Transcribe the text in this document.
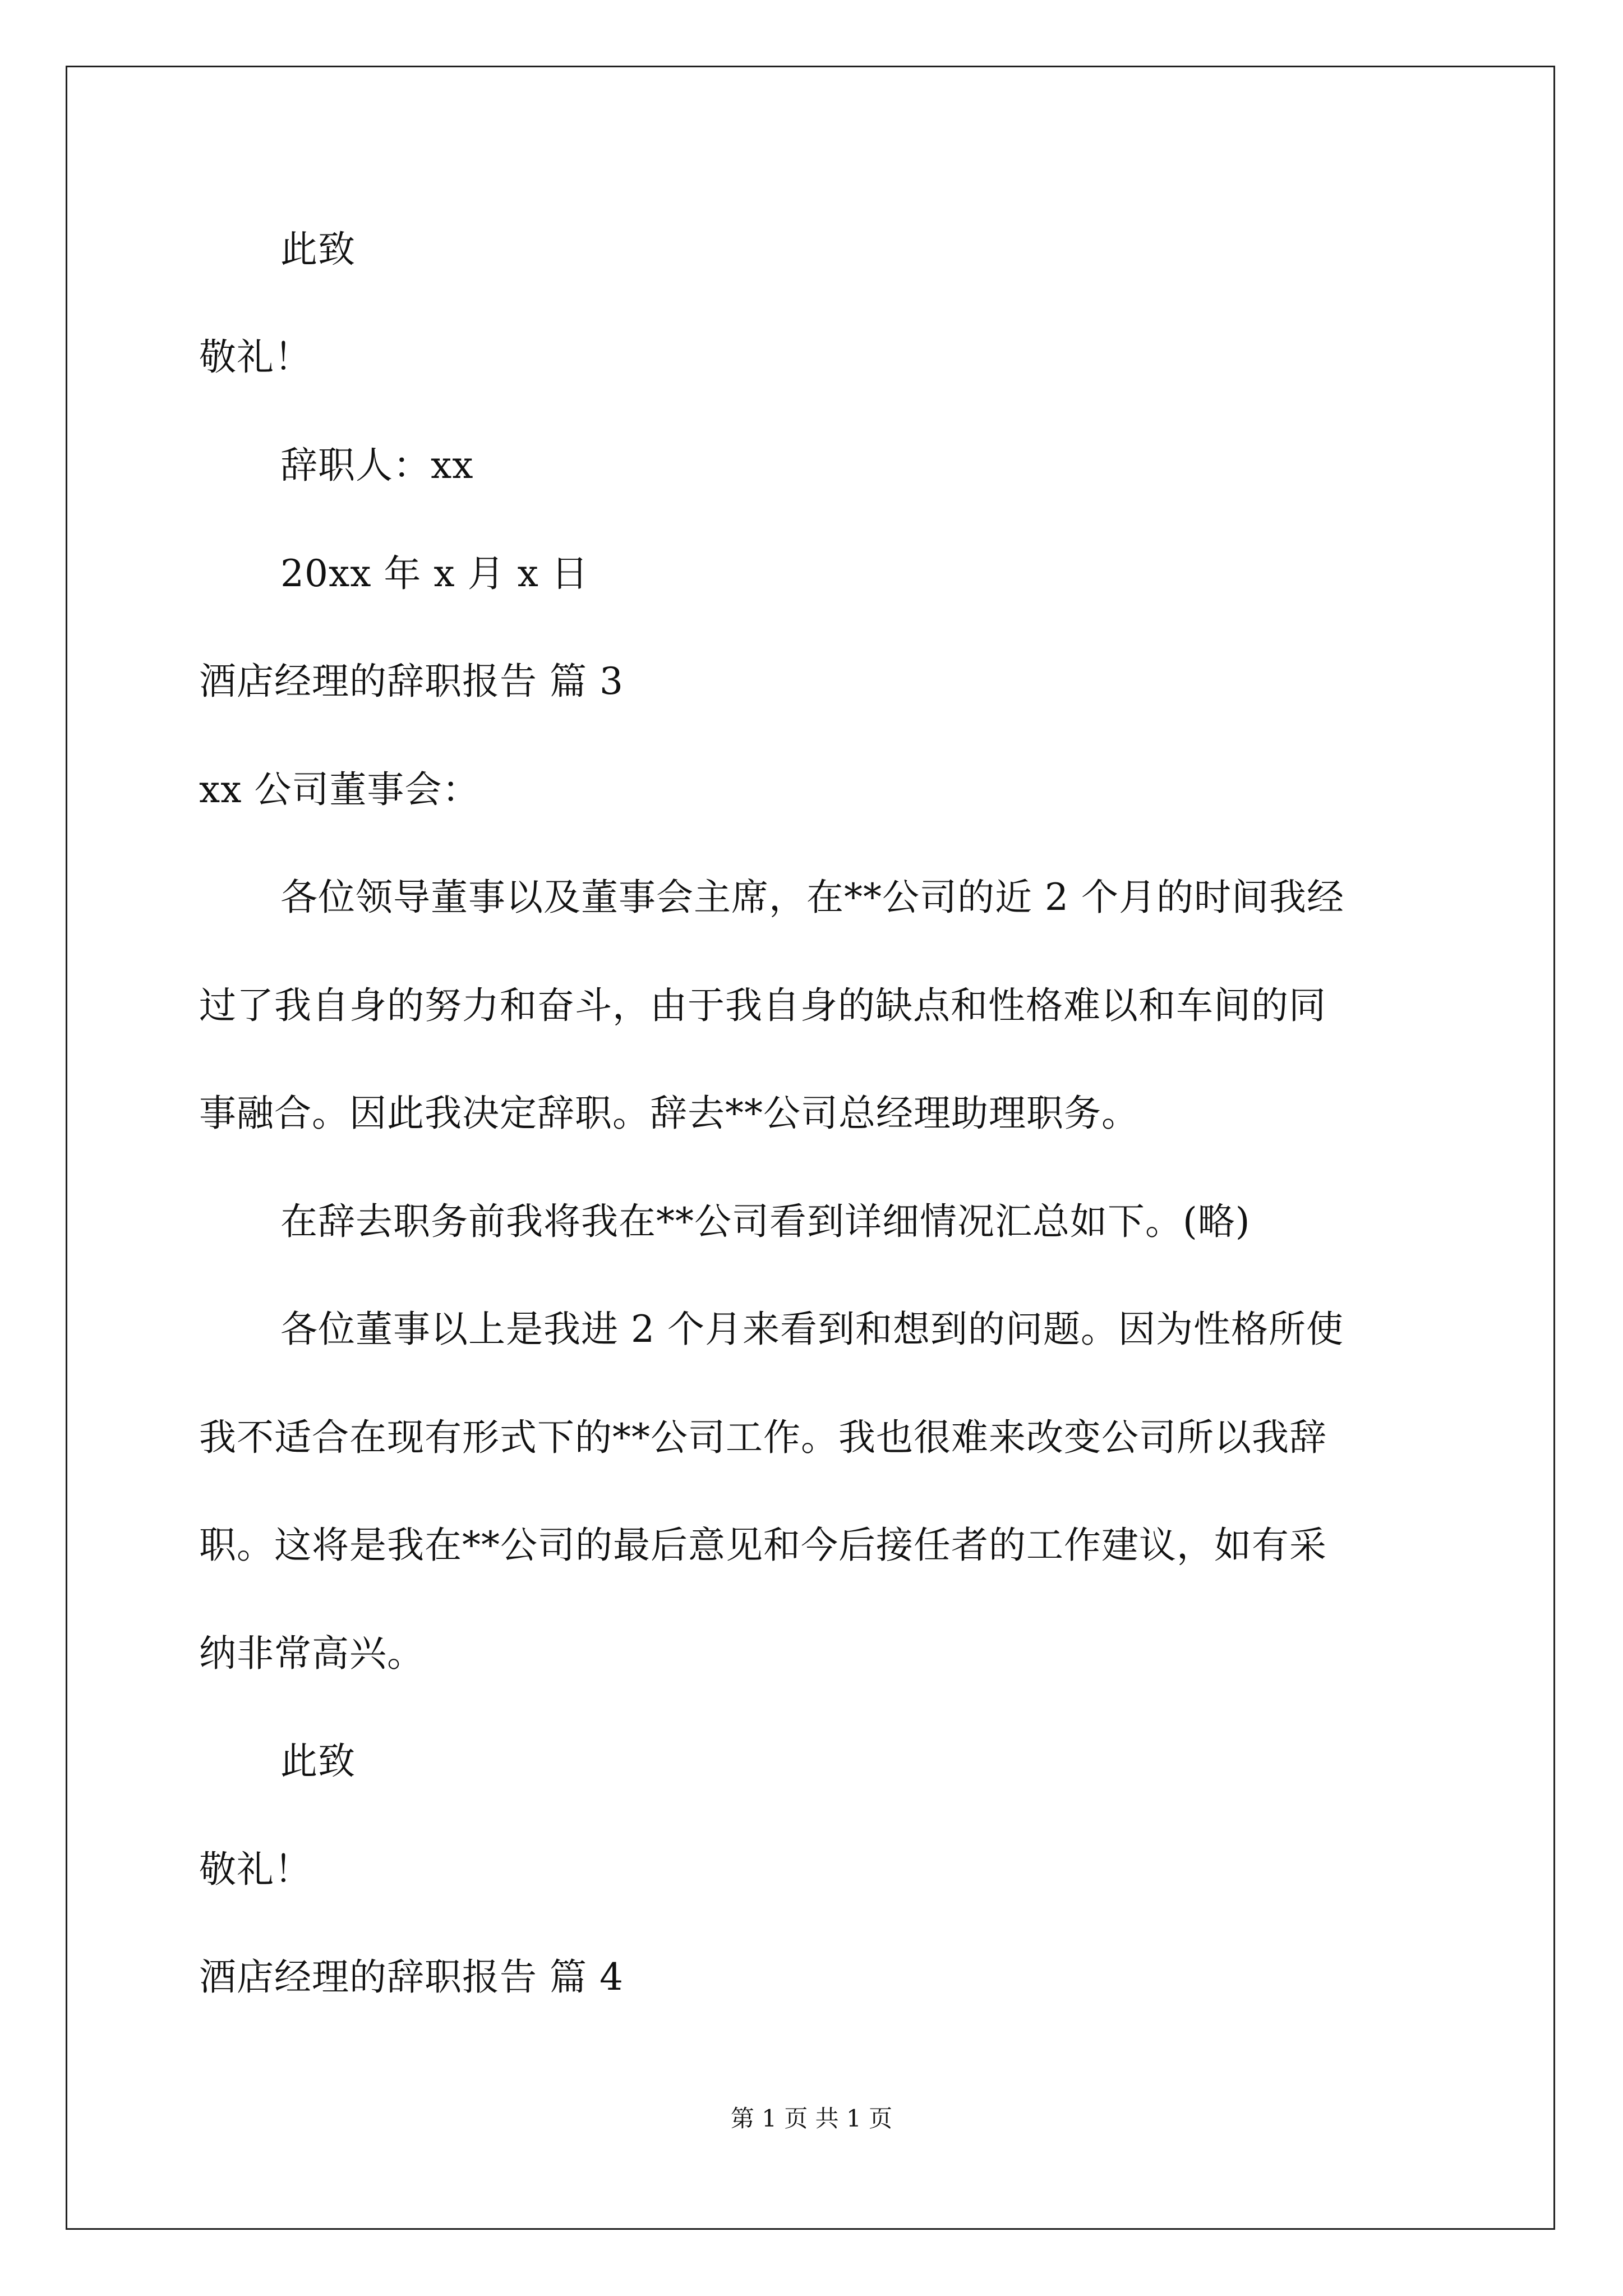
此致
敬礼！
辞职人：xx
20xx 年 x 月 x 日
酒店经理的辞职报告 篇 3
xx 公司董事会：
各位领导董事以及董事会主席，在**公司的近 2 个月的时间我经
过了我自身的努力和奋斗，由于我自身的缺点和性格难以和车间的同
事融合。因此我决定辞职。辞去**公司总经理助理职务。
在辞去职务前我将我在**公司看到详细情况汇总如下。(略)
各位董事以上是我进 2 个月来看到和想到的问题。因为性格所使
我不适合在现有形式下的**公司工作。我也很难来改变公司所以我辞
职。这将是我在**公司的最后意见和今后接任者的工作建议，如有采
纳非常高兴。
此致
敬礼！
酒店经理的辞职报告 篇 4
第 1 页 共 1 页
